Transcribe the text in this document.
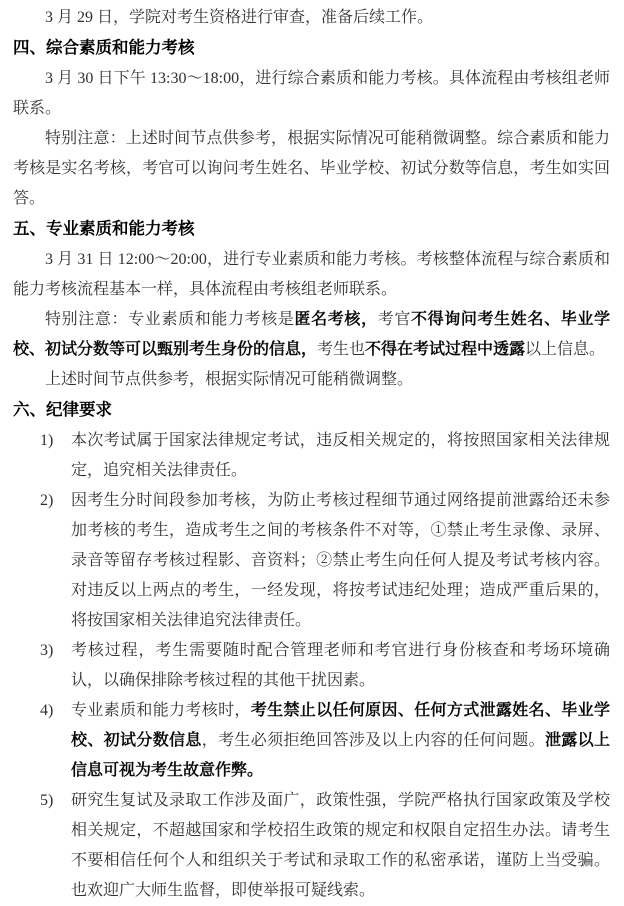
3 月 29 日，学院对考生资格进行审查，准备后续工作。

四、综合素质和能力考核

3 月 30 日下午 13:30～18:00，进行综合素质和能力考核。具体流程由考核组老师联系。

特别注意：上述时间节点供参考，根据实际情况可能稍微调整。综合素质和能力考核是实名考核，考官可以询问考生姓名、毕业学校、初试分数等信息，考生如实回答。

五、专业素质和能力考核

3 月 31 日 12:00～20:00，进行专业素质和能力考核。考核整体流程与综合素质和能力考核流程基本一样，具体流程由考核组老师联系。

特别注意：专业素质和能力考核是匿名考核，考官不得询问考生姓名、毕业学校、初试分数等可以甄别考生身份的信息，考生也不得在考试过程中透露以上信息。

上述时间节点供参考，根据实际情况可能稍微调整。

六、纪律要求
1)	本次考试属于国家法律规定考试，违反相关规定的，将按照国家相关法律规定，追究相关法律责任。
2)	因考生分时间段参加考核，为防止考核过程细节通过网络提前泄露给还未参加考核的考生，造成考生之间的考核条件不对等，①禁止考生录像、录屏、录音等留存考核过程影、音资料；②禁止考生向任何人提及考试考核内容。对违反以上两点的考生，一经发现，将按考试违纪处理；造成严重后果的，将按国家相关法律追究法律责任。
3)	考核过程，考生需要随时配合管理老师和考官进行身份核查和考场环境确认，以确保排除考核过程的其他干扰因素。
4)	专业素质和能力考核时，考生禁止以任何原因、任何方式泄露姓名、毕业学校、初试分数信息，考生必须拒绝回答涉及以上内容的任何问题。泄露以上信息可视为考生故意作弊。
5)	研究生复试及录取工作涉及面广，政策性强，学院严格执行国家政策及学校相关规定，不超越国家和学校招生政策的规定和权限自定招生办法。请考生不要相信任何个人和组织关于考试和录取工作的私密承诺，谨防上当受骗。也欢迎广大师生监督，即使举报可疑线索。
